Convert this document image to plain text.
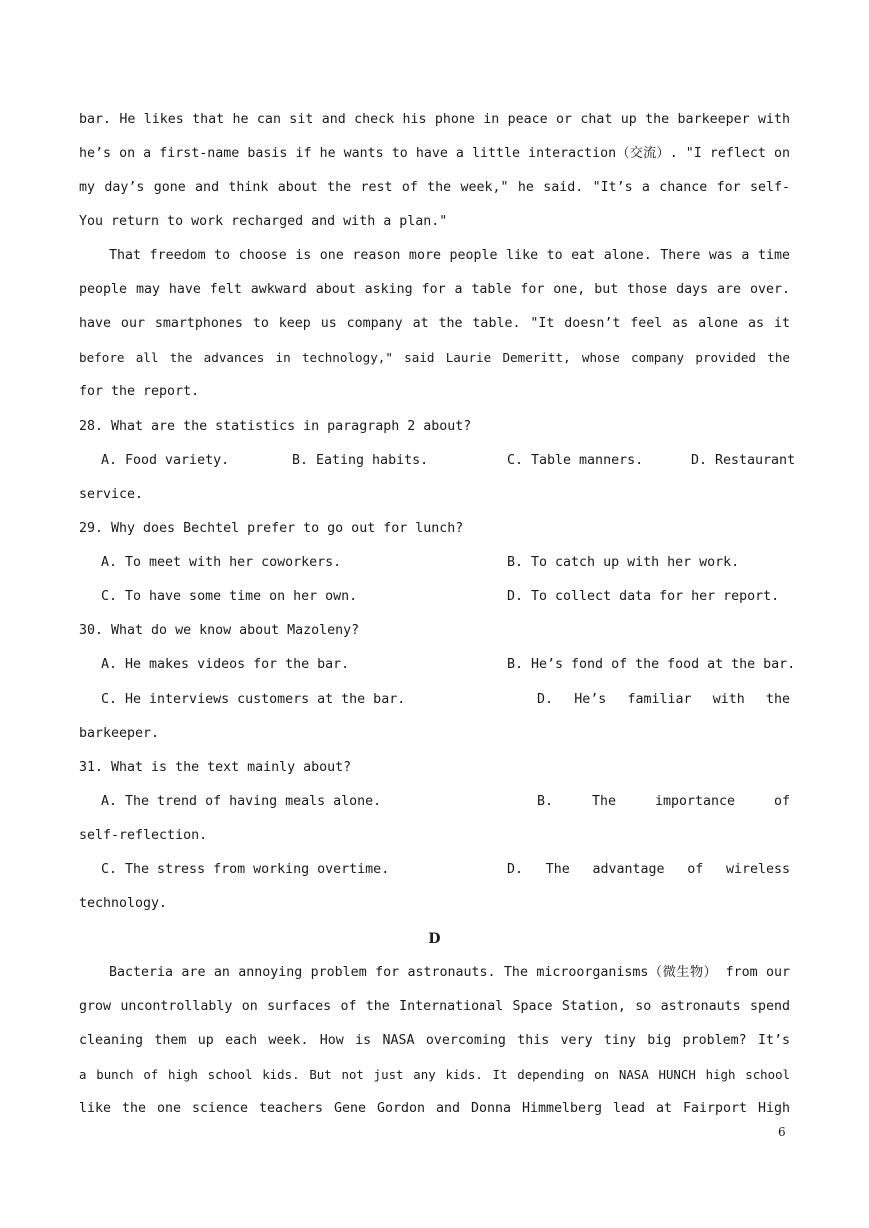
bar. He likes that he can sit and check his phone in peace or chat up the barkeeper with
he’s on a first-name basis if he wants to have a little interaction（交流）. "I reflect on
my day’s gone and think about the rest of the week," he said. "It’s a chance for self-
You return to work recharged and with a plan."
That freedom to choose is one reason more people like to eat alone. There was a time
people may have felt awkward about asking for a table for one, but those days are over.
have our smartphones to keep us company at the table. "It doesn’t feel as alone as it
before all the advances in technology," said Laurie Demeritt, whose company provided the
for the report.
28. What are the statistics in paragraph 2 about?
A. Food variety.	B. Eating habits.	C. Table manners.	D. Restaurant
service.
29. Why does Bechtel prefer to go out for lunch?
A. To meet with her coworkers.	B. To catch up with her work.
C. To have some time on her own.	D. To collect data for her report.
30. What do we know about Mazoleny?
A. He makes videos for the bar.	B. He’s fond of the food at the bar.
C. He interviews customers at the bar.	D. He’s familiar with the
barkeeper.
31. What is the text mainly about?
A. The trend of having meals alone.	B. The importance of
self-reflection.
C. The stress from working overtime.	D. The advantage of wireless
technology.
D
Bacteria are an annoying problem for astronauts. The microorganisms（微生物） from our
grow uncontrollably on surfaces of the International Space Station, so astronauts spend
cleaning them up each week. How is NASA overcoming this very tiny big problem? It’s
a bunch of high school kids. But not just any kids. It depending on NASA HUNCH high school
like the one science teachers Gene Gordon and Donna Himmelberg lead at Fairport High
6
